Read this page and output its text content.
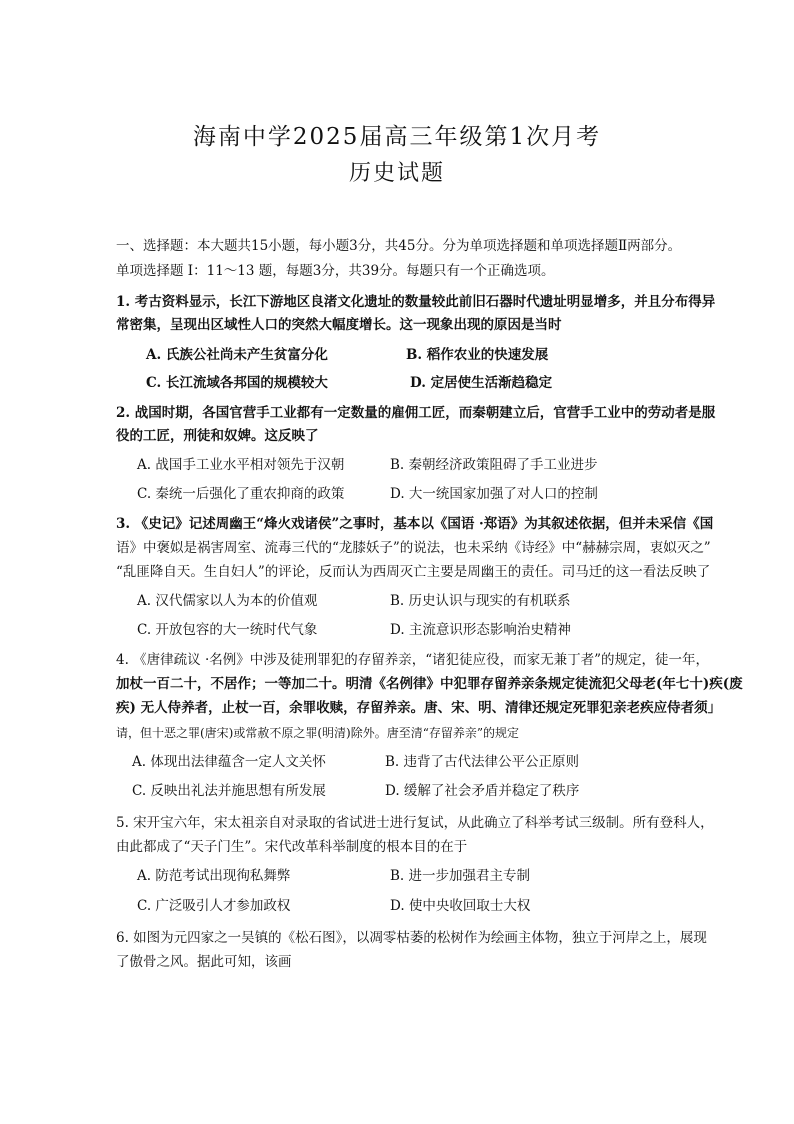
海南中学2025届高三年级第1次月考
历史试题
一、选择题：本大题共15小题，每小题3分，共45分。分为单项选择题和单项选择题Ⅱ两部分。
单项选择题 I：11～13 题，每题3分，共39分。每题只有一个正确选项。
1. 考古资料显示，长江下游地区良渚文化遗址的数量较此前旧石器时代遗址明显增多，并且分布得异
常密集，呈现出区域性人口的突然大幅度增长。这一现象出现的原因是当时
A. 氏族公社尚未产生贫富分化	B. 稻作农业的快速发展
C. 长江流域各邦国的规模较大	D. 定居使生活渐趋稳定
2. 战国时期，各国官营手工业都有一定数量的雇佣工匠，而秦朝建立后，官营手工业中的劳动者是服
役的工匠，刑徒和奴婢。这反映了
A. 战国手工业水平相对领先于汉朝	B. 秦朝经济政策阻碍了手工业进步
C. 秦统一后强化了重农抑商的政策	D. 大一统国家加强了对人口的控制
3. 《史记》记述周幽王“烽火戏诸侯”之事时，基本以《国语 ·郑语》为其叙述依据，但并未采信《国
语》中褒姒是祸害周室、流毒三代的“龙膝妖子”的说法，也未采纳《诗经》中“赫赫宗周，衷姒灭之”
“乱匪降自天。生自妇人”的评论，反而认为西周灭亡主要是周幽王的责任。司马迁的这一看法反映了
A. 汉代儒家以人为本的价值观	B. 历史认识与现实的有机联系
C. 开放包容的大一统时代气象	D. 主流意识形态影响治史精神
4. 《唐律疏议 ·名例》中涉及徒刑罪犯的存留养亲，“诸犯徒应役，而家无兼丁者”的规定，徒一年，
加杖一百二十，不居作；一等加二十。明清《名例律》中犯罪存留养亲条规定徒流犯父母老(年七十)疾(废
疾) 无人侍养者，止杖一百，余罪收赎，存留养亲。唐、宋、明、清律还规定死罪犯亲老疾应侍者须」
请，但十恶之罪(唐宋)或常赦不原之罪(明清)除外。唐至清“存留养亲”的规定
A. 体现出法律蕴含一定人文关怀	B. 违背了古代法律公平公正原则
C. 反映出礼法并施思想有所发展	D. 缓解了社会矛盾并稳定了秩序
5. 宋开宝六年，宋太祖亲自对录取的省试进士进行复试，从此确立了科举考试三级制。所有登科人，
由此都成了“天子门生”。宋代改革科举制度的根本目的在于
A. 防范考试出现徇私舞弊	B. 进一步加强君主专制
C. 广泛吸引人才参加政权	D. 使中央收回取士大权
6. 如图为元四家之一吴镇的《松石图》，以凋零枯萎的松树作为绘画主体物，独立于河岸之上，展现
了傲骨之风。据此可知，该画
